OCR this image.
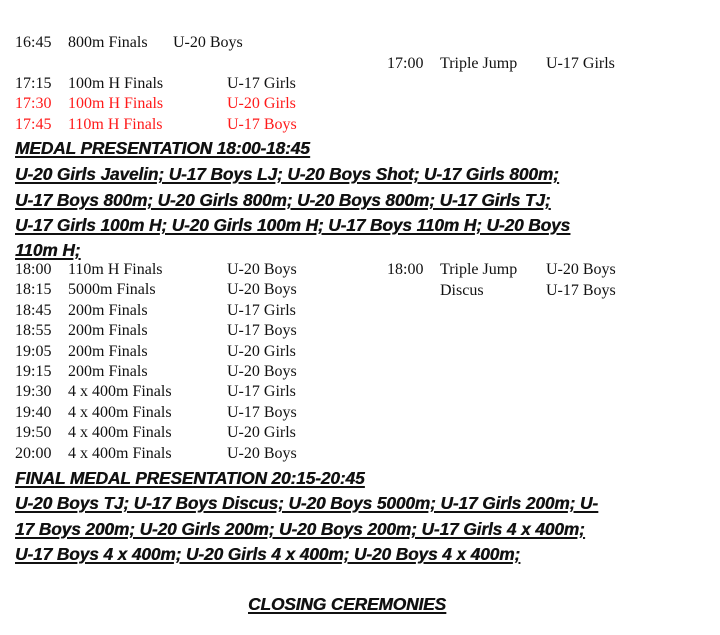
16:45 800m Finals U-20 Boys
17:00 Triple Jump U-17 Girls
17:15 100m H Finals	U-17 Girls
17:30 100m H Finals	U-20 Girls
17:45 110m H Finals	U-17 Boys
MEDAL PRESENTATION 18:00-18:45
U-20 Girls Javelin; U-17 Boys LJ; U-20 Boys Shot; U-17 Girls 800m;
U-17 Boys 800m; U-20 Girls 800m; U-20 Boys 800m; U-17 Girls TJ;
U-17 Girls 100m H; U-20 Girls 100m H; U-17 Boys 110m H; U-20 Boys
110m H;
18:00 110m H Finals	U-20 Boys
18:15 5000m Finals	U-20 Boys
18:45 200m Finals	U-17 Girls
18:55 200m Finals	U-17 Boys
19:05 200m Finals	U-20 Girls
19:15 200m Finals	U-20 Boys
19:30 4 x 400m Finals	U-17 Girls
19:40 4 x 400m Finals	U-17 Boys
19:50 4 x 400m Finals	U-20 Girls
20:00 4 x 400m Finals	U-20 Boys
18:00 Triple Jump U-20 Boys
Discus	U-17 Boys
FINAL MEDAL PRESENTATION 20:15-20:45
U-20 Boys TJ; U-17 Boys Discus; U-20 Boys 5000m; U-17 Girls 200m; U-
17 Boys 200m; U-20 Girls 200m; U-20 Boys 200m; U-17 Girls 4 x 400m;
U-17 Boys 4 x 400m; U-20 Girls 4 x 400m; U-20 Boys 4 x 400m;
CLOSING CEREMONIES
